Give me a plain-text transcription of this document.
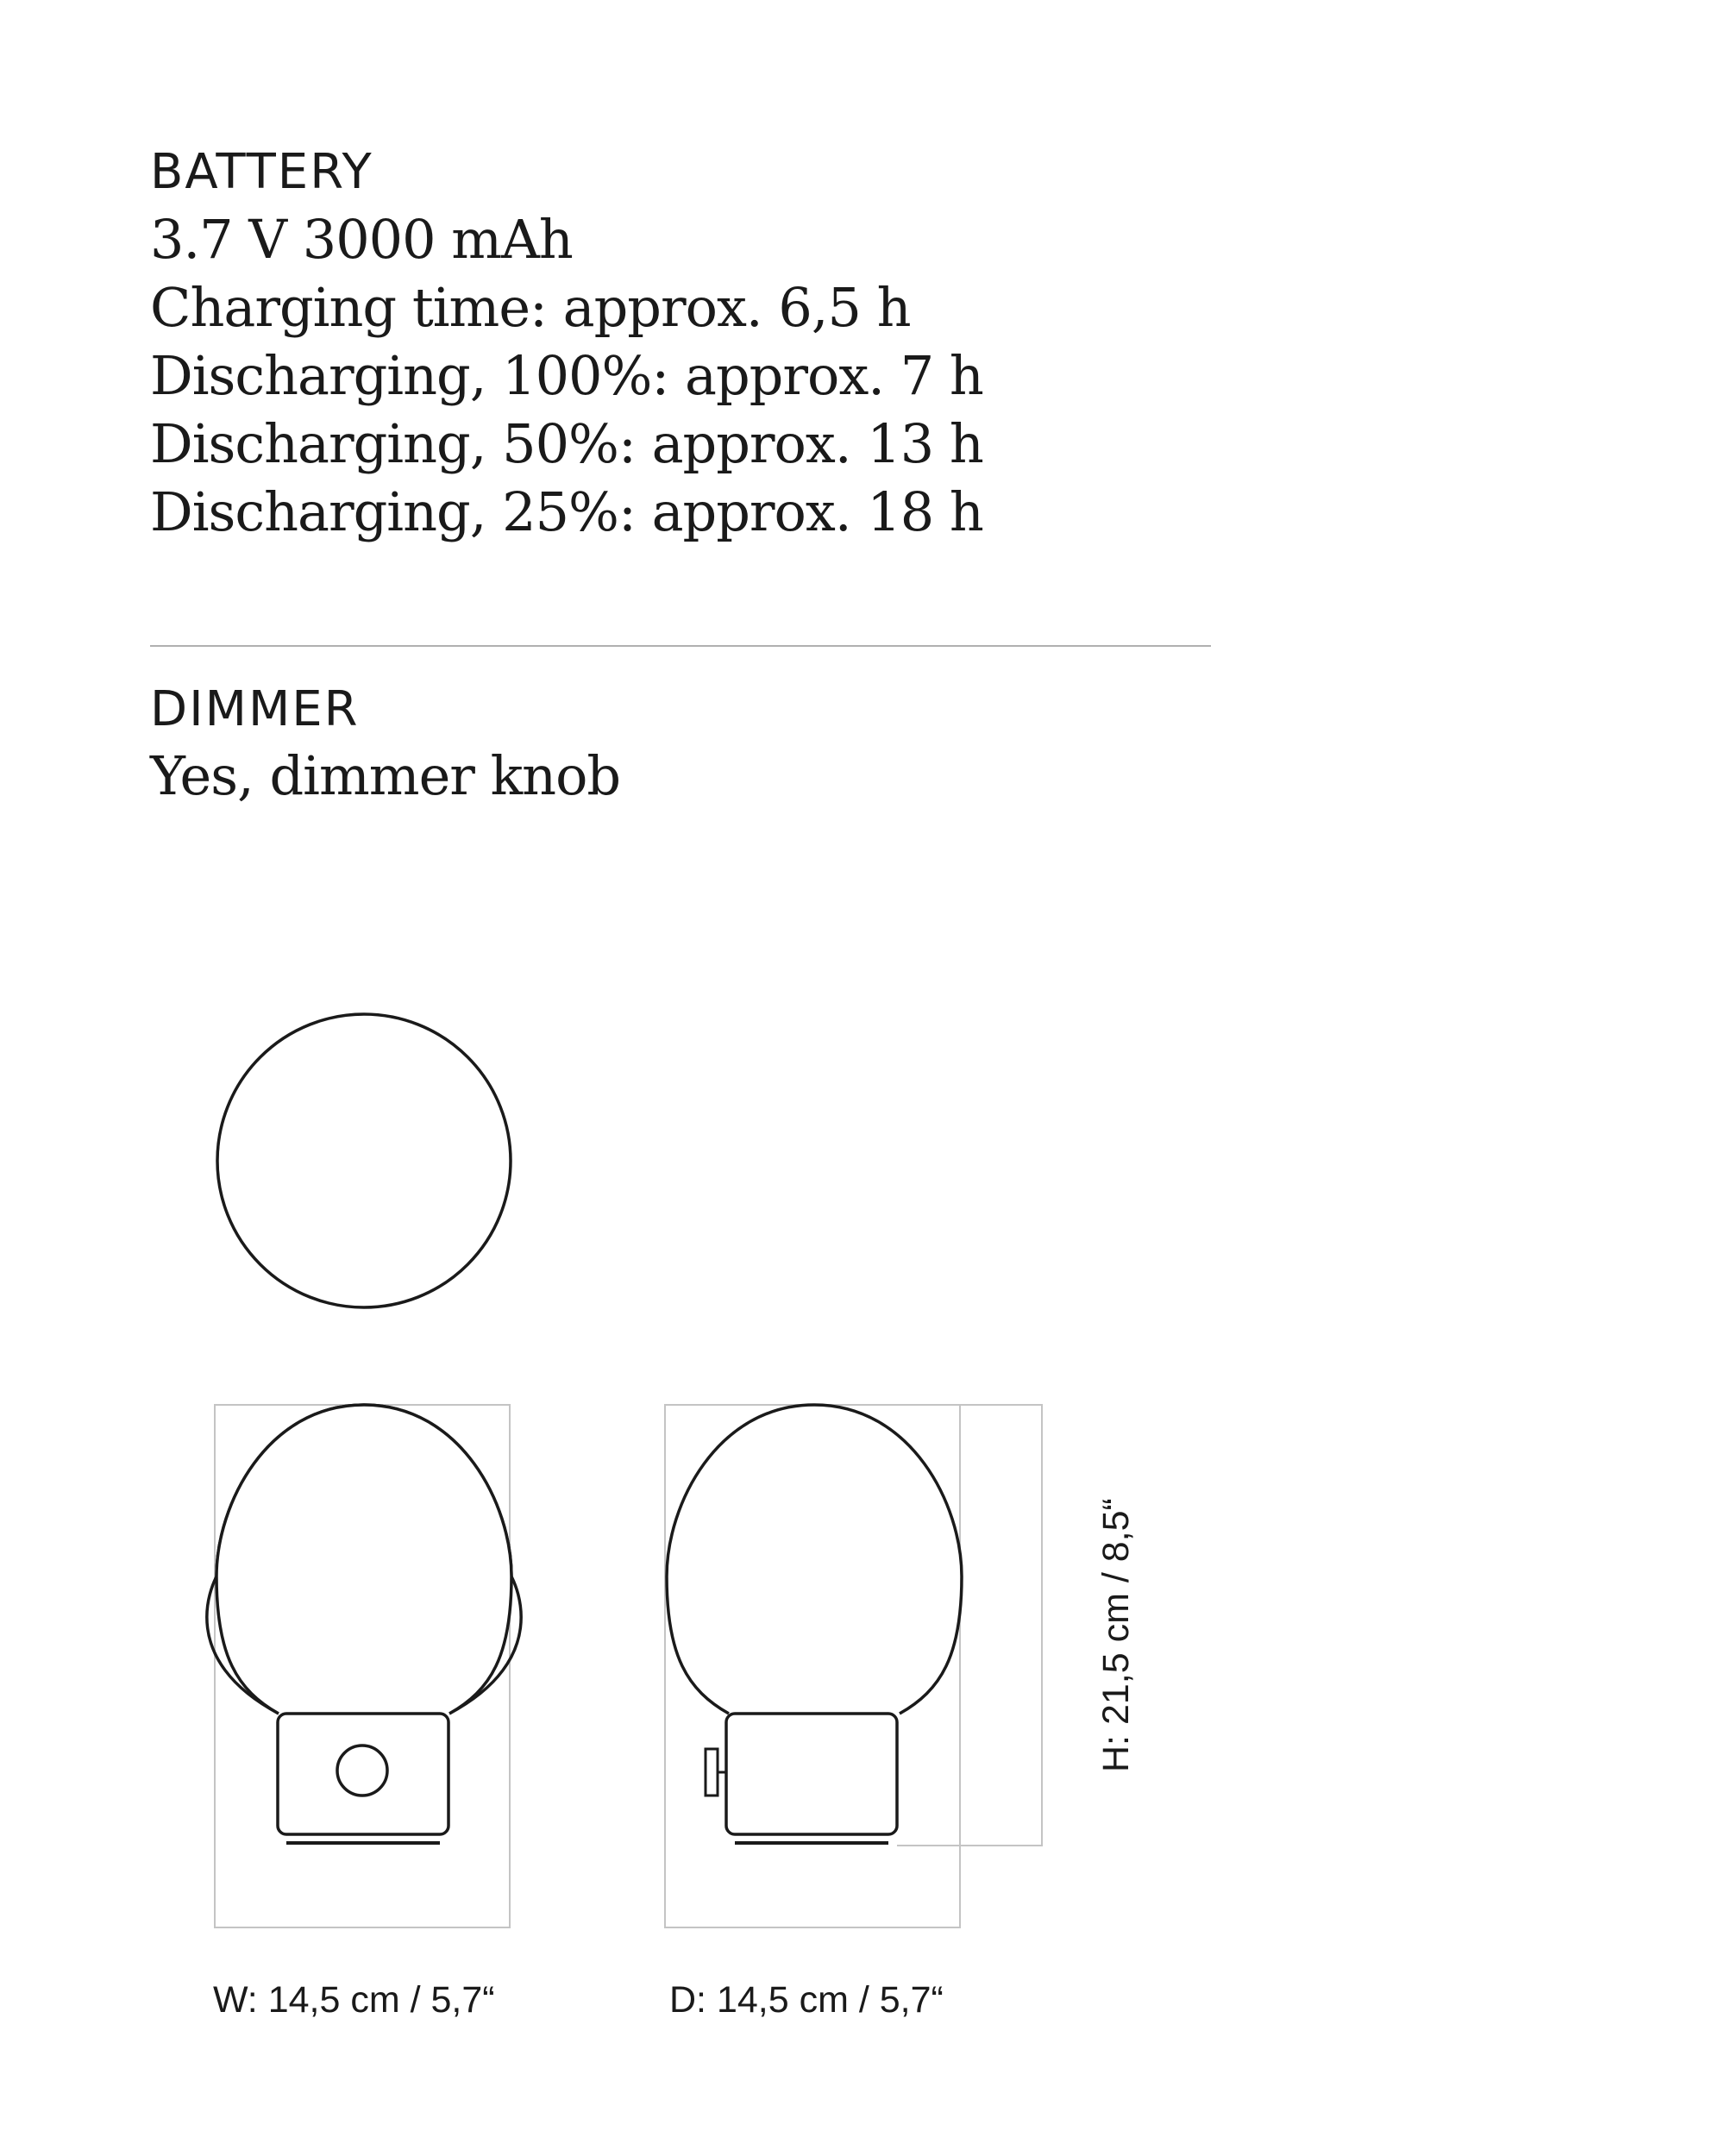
BATTERY
3.7 V 3000 mAh
Charging time: approx. 6,5 h
Discharging, 100%: approx. 7 h
Discharging, 50%: approx. 13 h
Discharging, 25%: approx. 18 h
DIMMER
Yes, dimmer knob
W: 14,5 cm / 5,7“	D: 14,5 cm / 5,7“
H: 21,5 cm / 8,5“
